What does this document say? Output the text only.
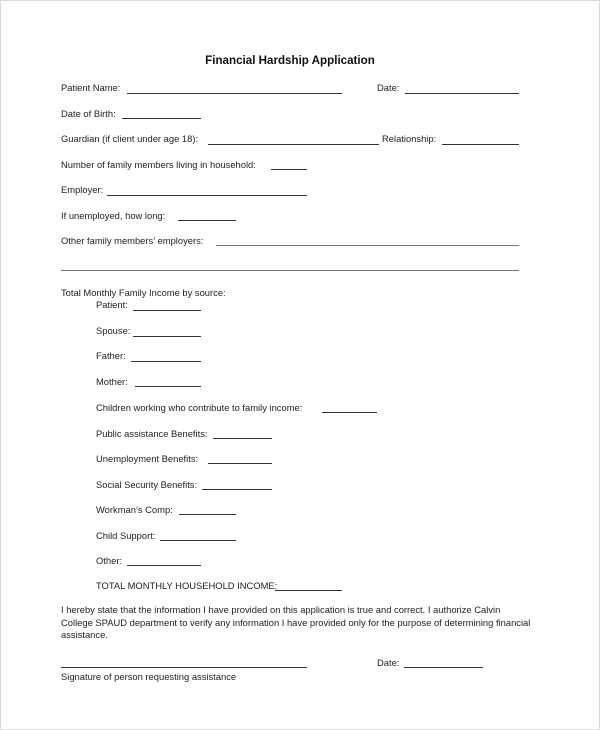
Financial Hardship Application
Patient Name:	Date:
Date of Birth:
Guardian (if client under age 18):	Relationship:
Number of family members living in household:
Employer:
If unemployed, how long:
Other family members’ employers:
Total Monthly Family Income by source:
Patient:
Spouse:
Father:
Mother:
Children working who contribute to family income:
Public assistance Benefits:
Unemployment Benefits:
Social Security Benefits:
Workman’s Comp:
Child Support:
Other:
TOTAL MONTHLY HOUSEHOLD INCOME:
I hereby state that the information I have provided on this application is true and correct. I authorize Calvin College SPAUD department to verify any information I have provided only for the purpose of determining financial assistance.
Signature of person requesting assistance
Date:
